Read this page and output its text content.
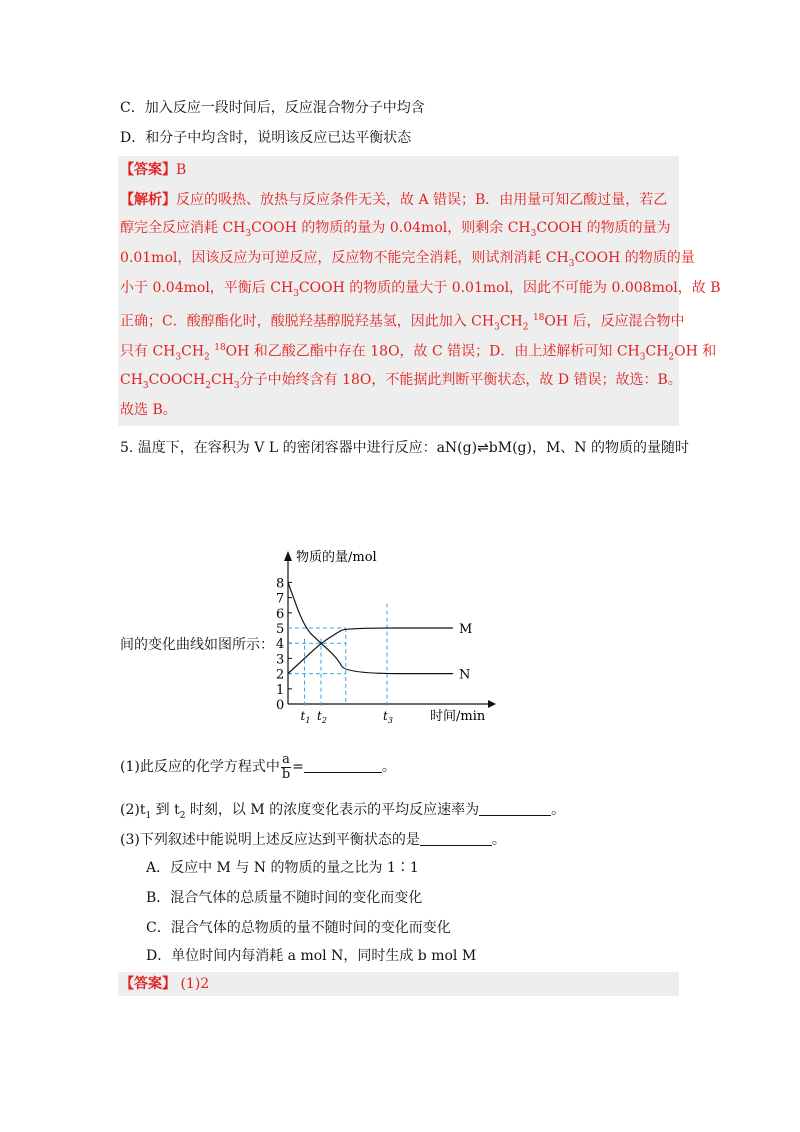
C．加入反应一段时间后，反应混合物分子中均含
D．和分子中均含时，说明该反应已达平衡状态
【答案】B
【解析】反应的吸热、放热与反应条件无关，故 A 错误；B．由用量可知乙酸过量，若乙
醇完全反应消耗 $CH_3COOH$ 的物质的量为 0.04mol，则剩余 $CH_3COOH$ 的物质的量为
0.01mol，因该反应为可逆反应，反应物不能完全消耗，则试剂消耗 $CH_3COOH$ 的物质的量
小于 0.04mol，平衡后 $CH_3COOH$ 的物质的量大于 0.01mol，因此不可能为 0.008mol，故 B
正确；C．酸醇酯化时，酸脱羟基醇脱羟基氢，因此加入 $CH_3CH_2$ $^{18}$OH 后，反应混合物中
只有 $CH_3CH_2$ $^{18}$OH 和乙酸乙酯中存在 18O，故 C 错误；D．由上述解析可知 $CH_3CH_2OH$ 和
$CH_3COOCH_2CH_3$分子中始终含有 18O，不能据此判断平衡状态，故 D 错误；故选：B。
故选 B。
5. 温度下，在容积为 V L 的密闭容器中进行反应：aN(g)⇌bM(g)，M、N 的物质的量随时
间的变化曲线如图所示：
0
1
2
3
4
5
6
7
8
M
N
$t_1$ $t_2$	$t_3$
物质的量/mol
时间/min
(1)此反应的化学方程式中 $\frac{a}{b}$ =	。
$(2)t_1$ 到 $t_2$ 时刻，以 M 的浓度变化表示的平均反应速率为	。
(3)下列叙述中能说明上述反应达到平衡状态的是	。
A．反应中 M 与 N 的物质的量之比为 1∶1
B．混合气体的总质量不随时间的变化而变化
C．混合气体的总物质的量不随时间的变化而变化
D．单位时间内每消耗 a mol N，同时生成 b mol M
【答案】 (1)2
